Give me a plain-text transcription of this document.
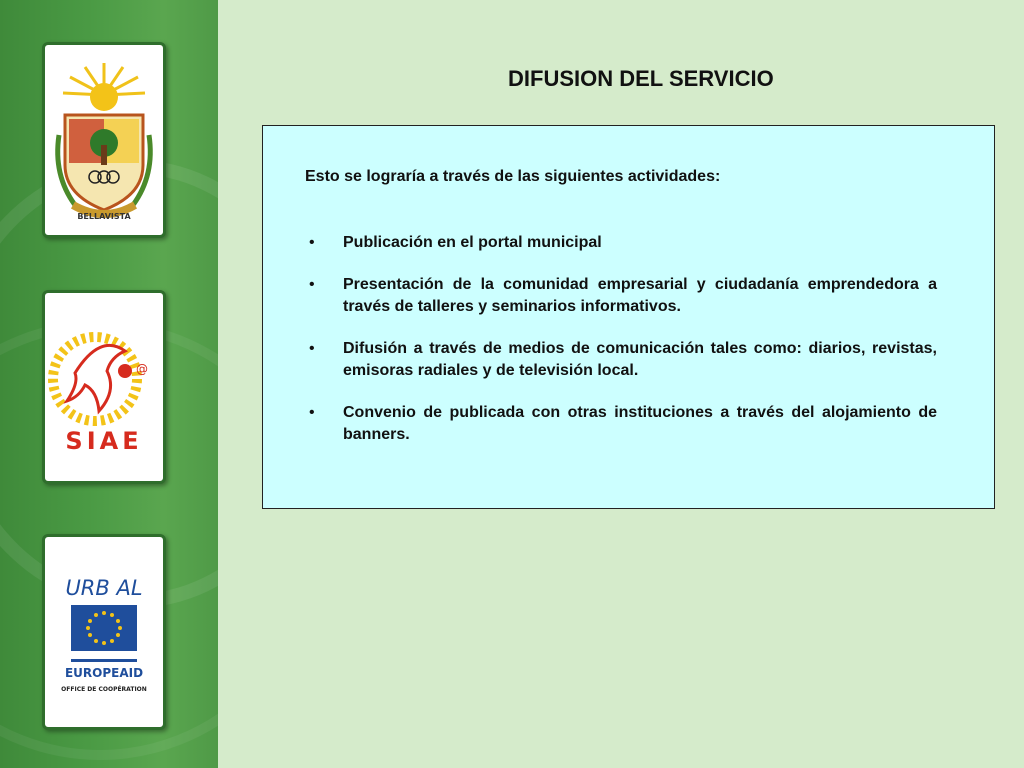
BELLAVISTA
@
SIAE
URB AL
EUROPEAID
OFFICE DE COOPÉRATION
DIFUSION DEL SERVICIO
Esto se lograría a través de las siguientes actividades:
• Publicación en el portal municipal
• Presentación de la comunidad empresarial y ciudadanía emprendedora a través de talleres y seminarios informativos.
• Difusión a través de medios de comunicación tales como: diarios, revistas, emisoras radiales y de televisión local.
• Convenio de publicada con otras instituciones a través del alojamiento de banners.
